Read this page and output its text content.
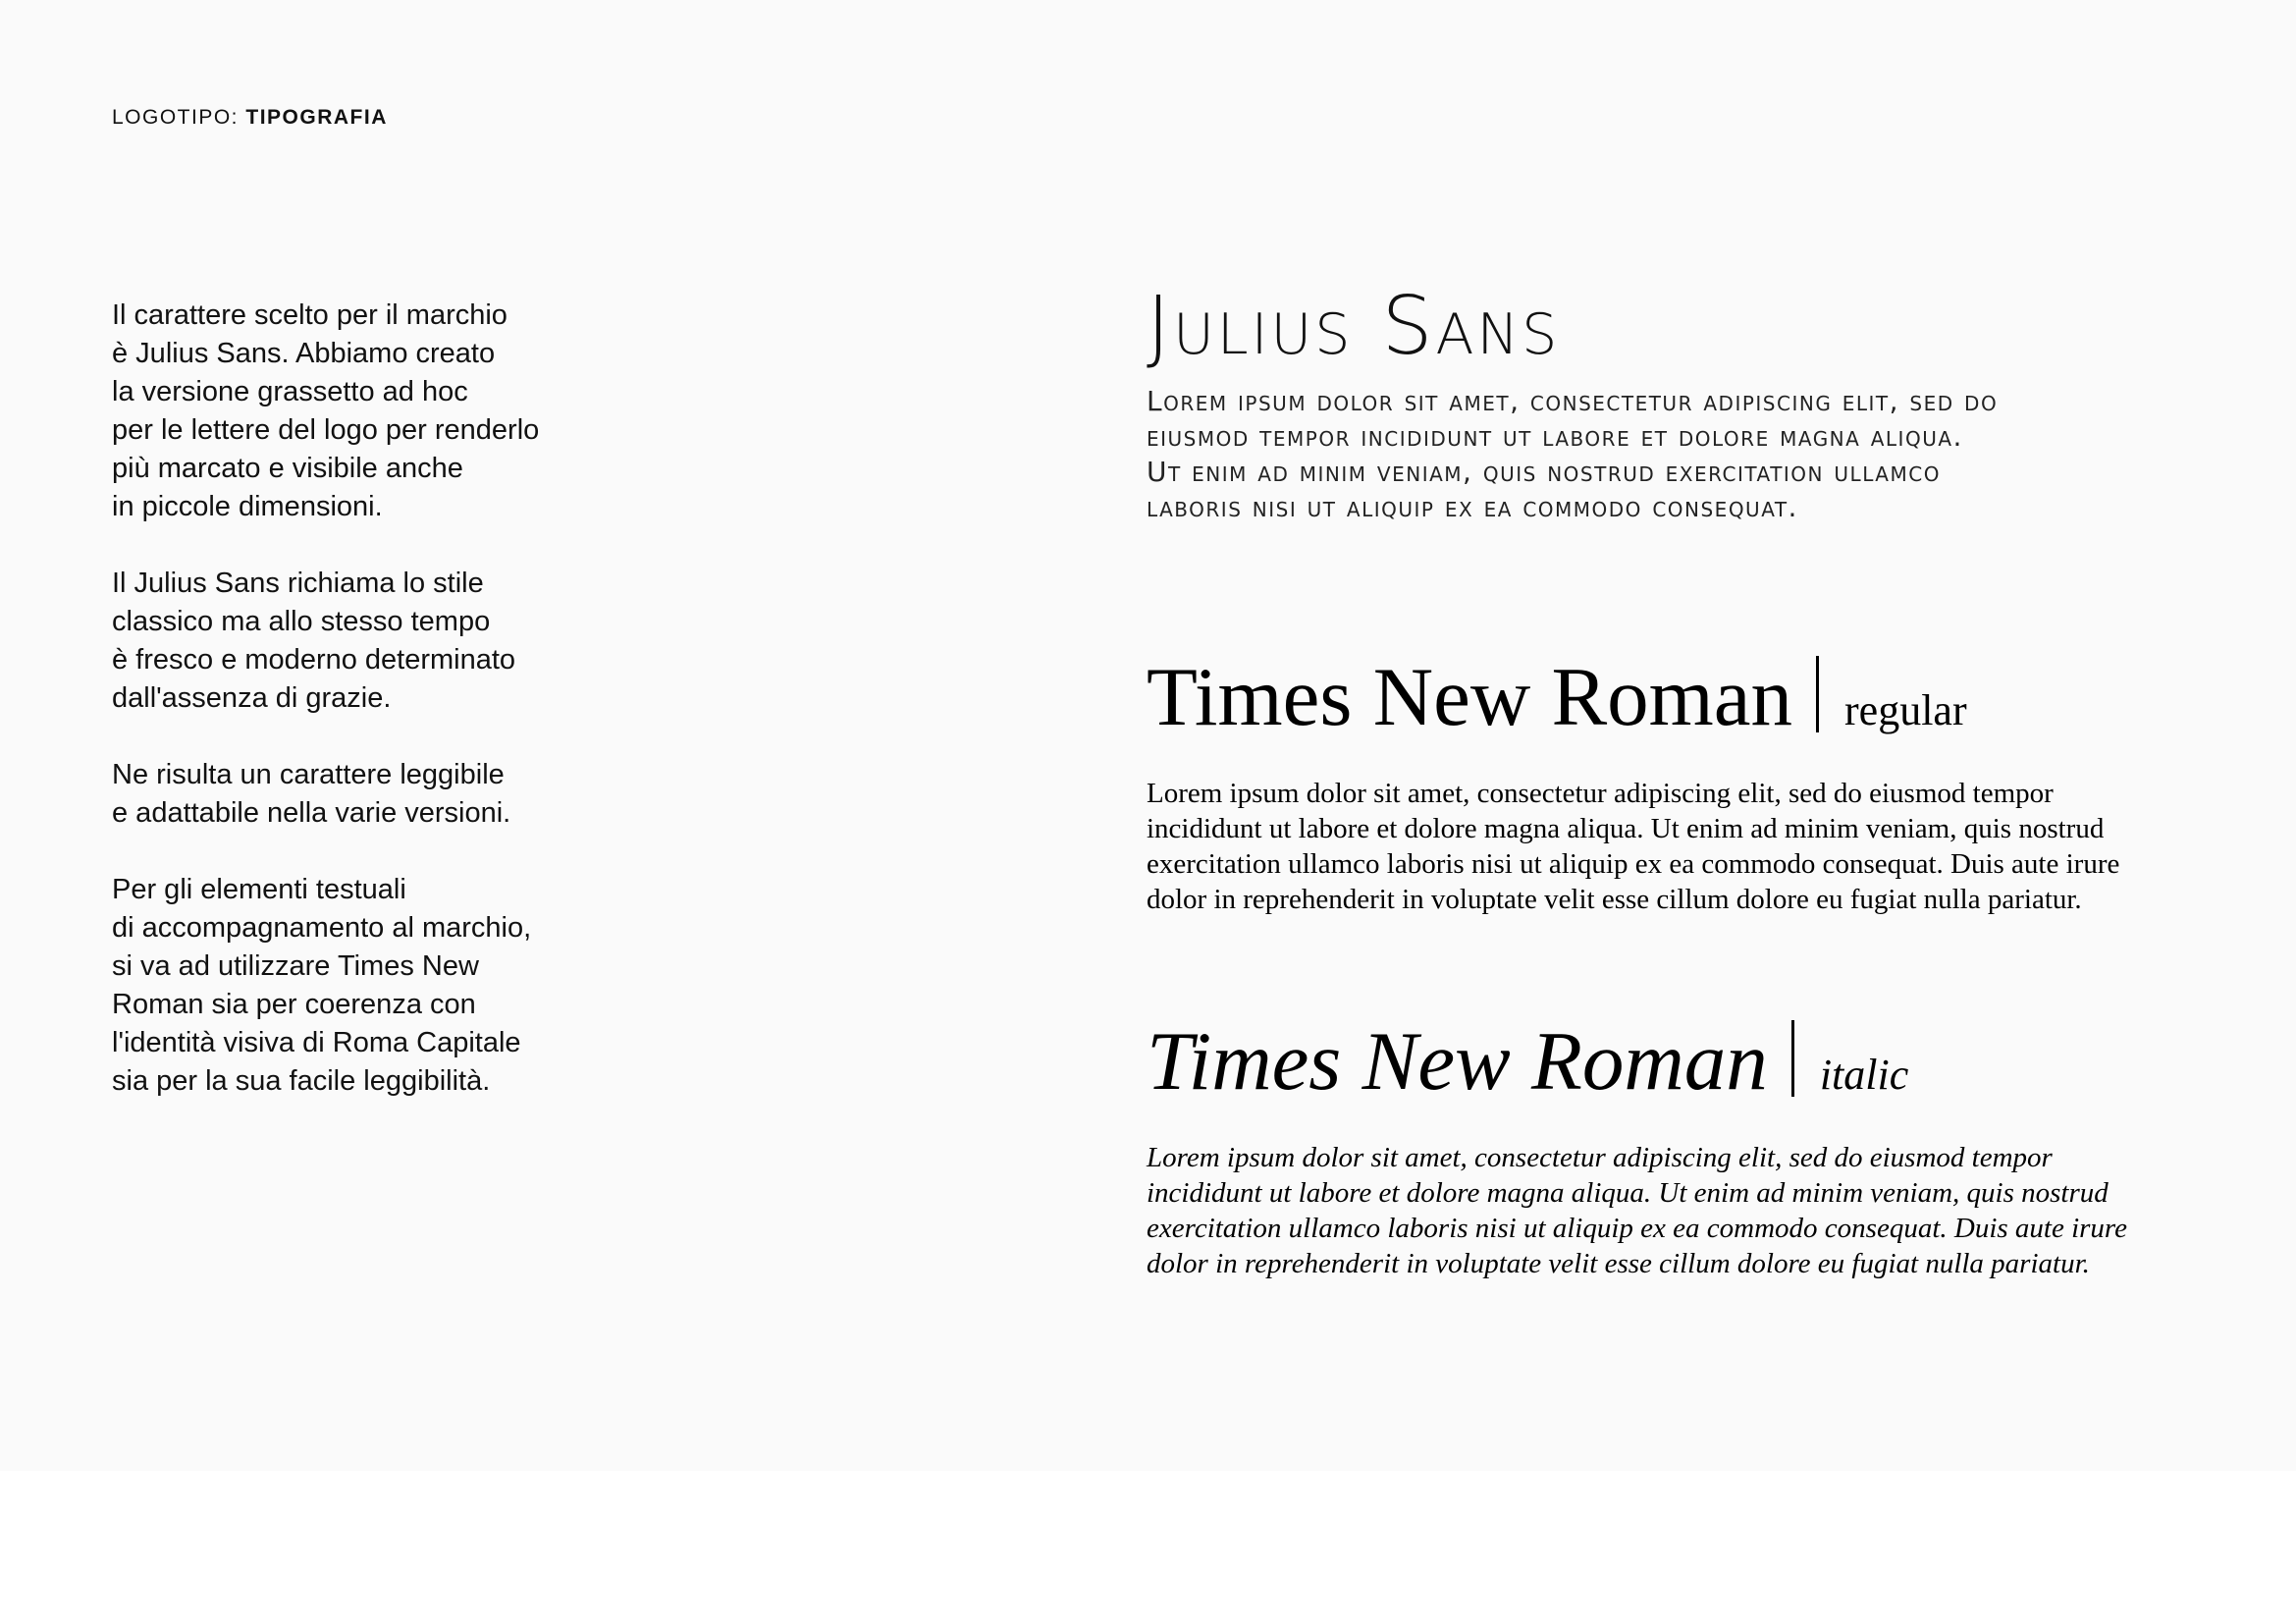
LOGOTIPO: TIPOGRAFIA

Il carattere scelto per il marchio
è Julius Sans. Abbiamo creato
la versione grassetto ad hoc
per le lettere del logo per renderlo
più marcato e visibile anche
in piccole dimensioni.

Il Julius Sans richiama lo stile
classico ma allo stesso tempo
è fresco e moderno determinato
dall'assenza di grazie.

Ne risulta un carattere leggibile
e adattabile nella varie versioni.

Per gli elementi testuali
di accompagnamento al marchio,
si va ad utilizzare Times New
Roman sia per coerenza con
l'identità visiva di Roma Capitale
sia per la sua facile leggibilità.

Julius Sans
Lorem ipsum dolor sit amet, consectetur adipiscing elit, sed do
eiusmod tempor incididunt ut labore et dolore magna aliqua.
Ut enim ad minim veniam, quis nostrud exercitation ullamco
laboris nisi ut aliquip ex ea commodo consequat.
Times New Roman regular
Lorem ipsum dolor sit amet, consectetur adipiscing elit, sed do eiusmod tempor
incididunt ut labore et dolore magna aliqua. Ut enim ad minim veniam, quis nostrud
exercitation ullamco laboris nisi ut aliquip ex ea commodo consequat. Duis aute irure
dolor in reprehenderit in voluptate velit esse cillum dolore eu fugiat nulla pariatur.
Times New Roman italic
Lorem ipsum dolor sit amet, consectetur adipiscing elit, sed do eiusmod tempor
incididunt ut labore et dolore magna aliqua. Ut enim ad minim veniam, quis nostrud
exercitation ullamco laboris nisi ut aliquip ex ea commodo consequat. Duis aute irure
dolor in reprehenderit in voluptate velit esse cillum dolore eu fugiat nulla pariatur.
